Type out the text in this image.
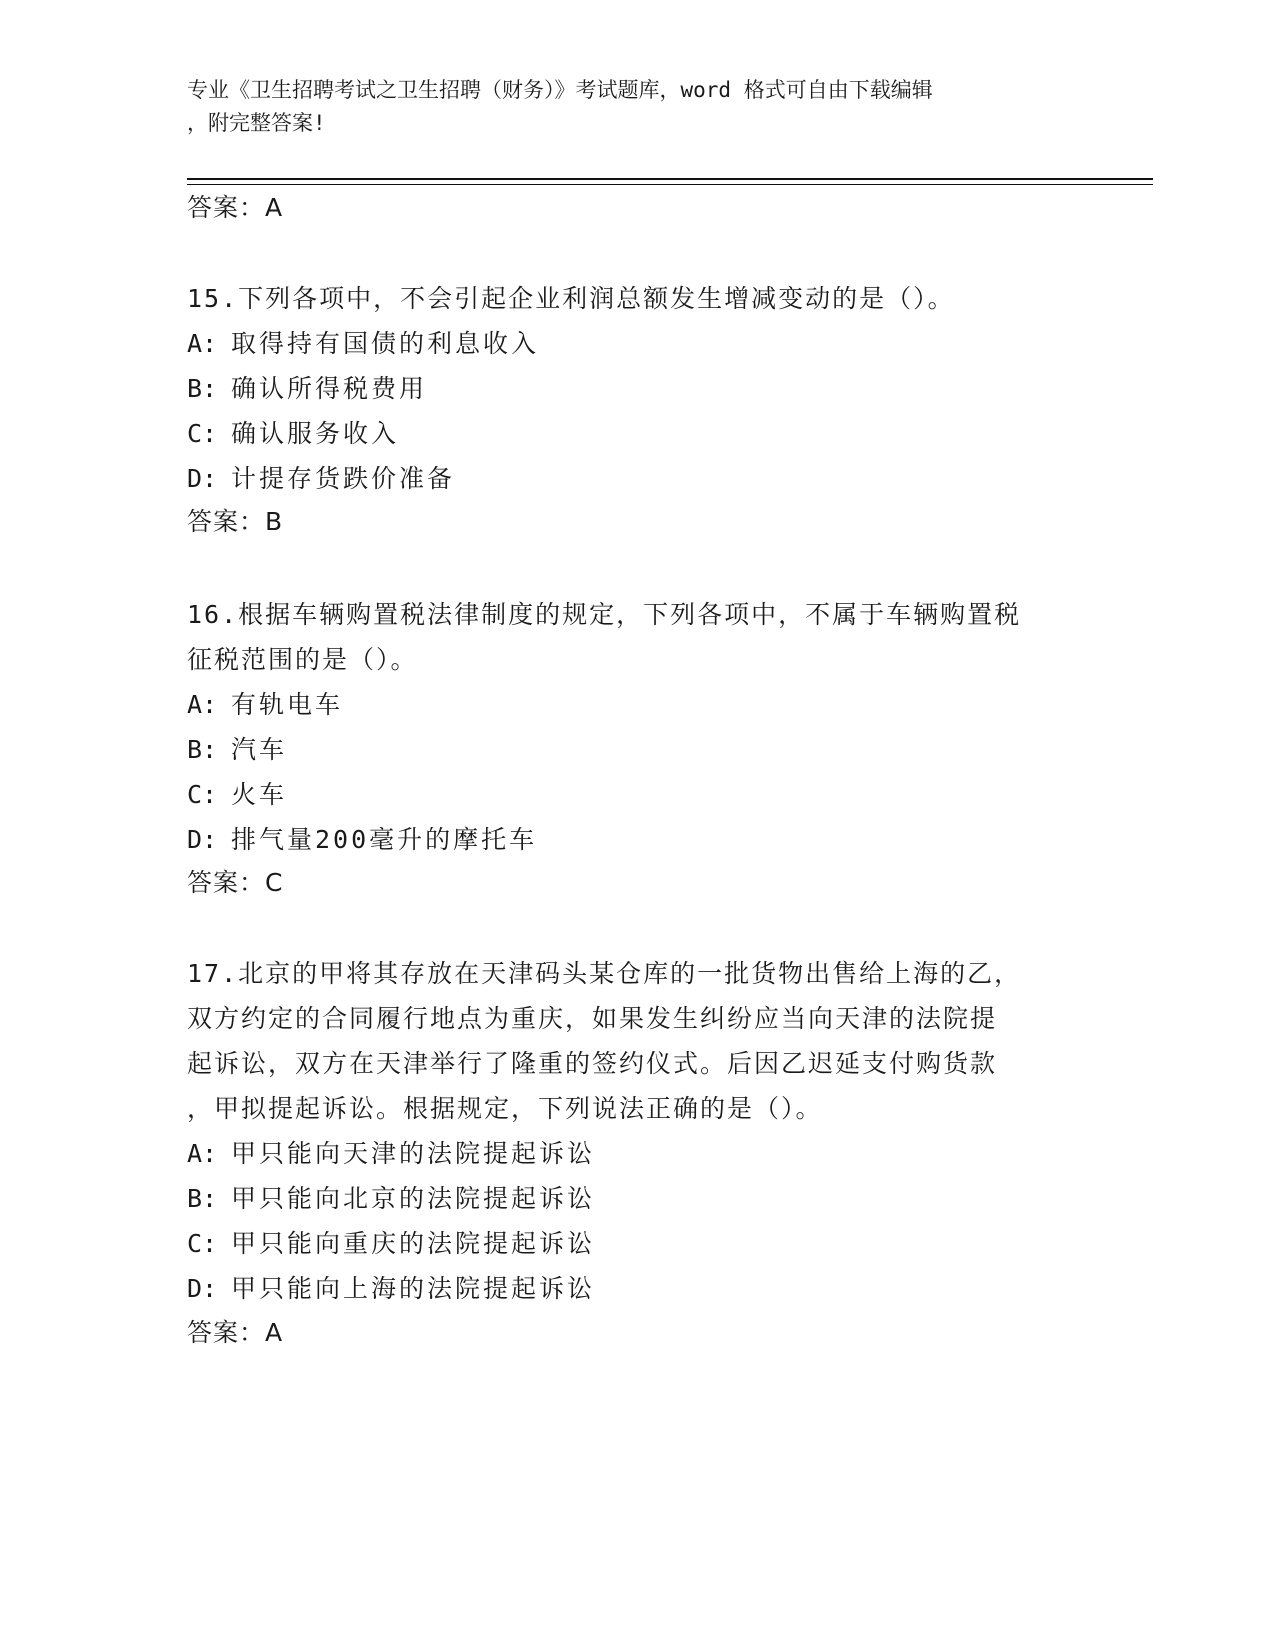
专业《卫生招聘考试之卫生招聘（财务）》考试题库，word 格式可自由下载编辑
，附完整答案!
答案：A
15.下列各项中，不会引起企业利润总额发生增减变动的是（）。
A: 取得持有国债的利息收入
B: 确认所得税费用
C: 确认服务收入
D: 计提存货跌价准备
答案：B
16.根据车辆购置税法律制度的规定，下列各项中，不属于车辆购置税
征税范围的是（）。
A: 有轨电车
B: 汽车
C: 火车
D: 排气量200毫升的摩托车
答案：C
17.北京的甲将其存放在天津码头某仓库的一批货物出售给上海的乙，
双方约定的合同履行地点为重庆，如果发生纠纷应当向天津的法院提
起诉讼，双方在天津举行了隆重的签约仪式。后因乙迟延支付购货款
，甲拟提起诉讼。根据规定，下列说法正确的是（）。
A: 甲只能向天津的法院提起诉讼
B: 甲只能向北京的法院提起诉讼
C: 甲只能向重庆的法院提起诉讼
D: 甲只能向上海的法院提起诉讼
答案：A
